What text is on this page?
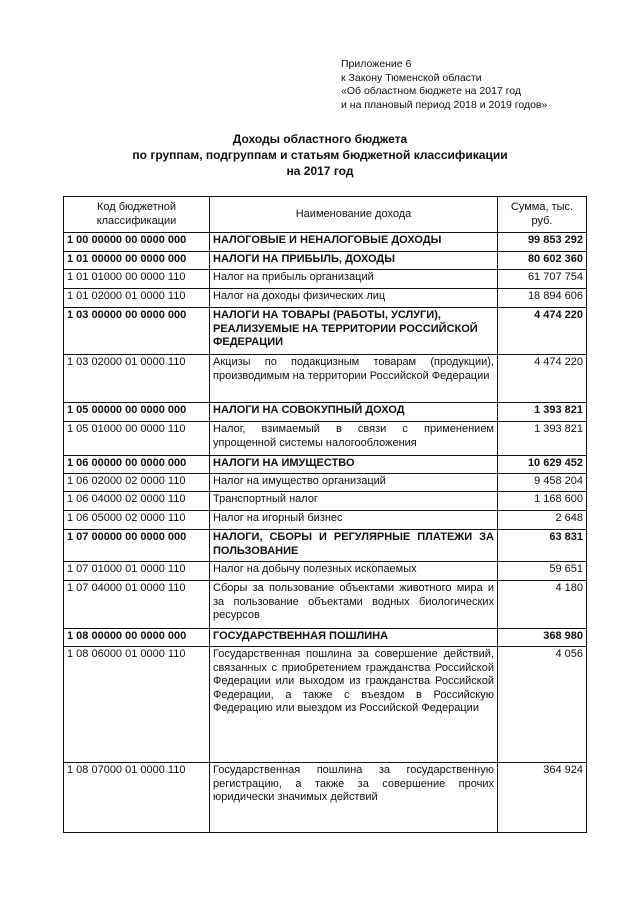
Приложение 6
к Закону Тюменской области
«Об областном бюджете на 2017 год
и на плановый период 2018 и 2019 годов»
Доходы областного бюджета
по группам, подгруппам и статьям бюджетной классификации
на 2017 год
Код бюджетной классификации	Наименование дохода	Сумма, тыс. руб.
1 00 00000 00 0000 000	НАЛОГОВЫЕ И НЕНАЛОГОВЫЕ ДОХОДЫ	99 853 292
1 01 00000 00 0000 000	НАЛОГИ НА ПРИБЫЛЬ, ДОХОДЫ	80 602 360
1 01 01000 00 0000 110	Налог на прибыль организаций	61 707 754
1 01 02000 01 0000 110	Налог на доходы физических лиц	18 894 606
1 03 00000 00 0000 000	НАЛОГИ НА ТОВАРЫ (РАБОТЫ, УСЛУГИ), РЕАЛИЗУЕМЫЕ НА ТЕРРИТОРИИ РОССИЙСКОЙ ФЕДЕРАЦИИ	4 474 220
1 03 02000 01 0000 110	Акцизы по подакцизным товарам (продукции), производимым на территории Российской Федерации	4 474 220
1 05 00000 00 0000 000	НАЛОГИ НА СОВОКУПНЫЙ ДОХОД	1 393 821
1 05 01000 00 0000 110	Налог, взимаемый в связи с применением упрощенной системы налогообложения	1 393 821
1 06 00000 00 0000 000	НАЛОГИ НА ИМУЩЕСТВО	10 629 452
1 06 02000 02 0000 110	Налог на имущество организаций	9 458 204
1 06 04000 02 0000 110	Транспортный налог	1 168 600
1 06 05000 02 0000 110	Налог на игорный бизнес	2 648
1 07 00000 00 0000 000	НАЛОГИ, СБОРЫ И РЕГУЛЯРНЫЕ ПЛАТЕЖИ ЗА ПОЛЬЗОВАНИЕ	63 831
1 07 01000 01 0000 110	Налог на добычу полезных ископаемых	59 651
1 07 04000 01 0000 110	Сборы за пользование объектами животного мира и за пользование объектами водных биологических ресурсов	4 180
1 08 00000 00 0000 000	ГОСУДАРСТВЕННАЯ ПОШЛИНА	368 980
1 08 06000 01 0000 110	Государственная пошлина за совершение действий, связанных с приобретением гражданства Российской Федерации или выходом из гражданства Российской Федерации, а также с въездом в Российскую Федерацию или выездом из Российской Федерации	4 056
1 08 07000 01 0000 110	Государственная пошлина за государственную регистрацию, а также за совершение прочих юридически значимых действий	364 924
